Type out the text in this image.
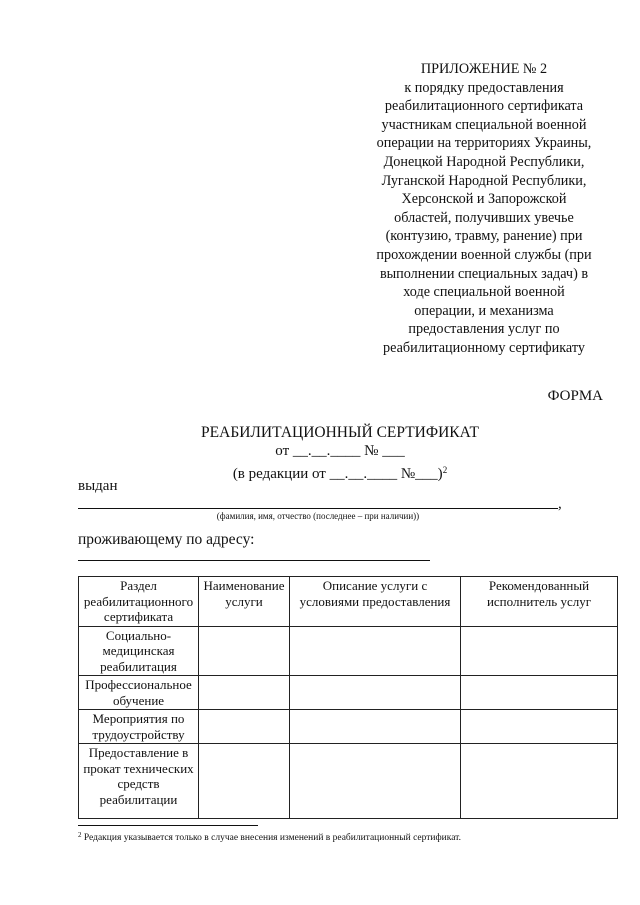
ПРИЛОЖЕНИЕ № 2
к порядку предоставления
реабилитационного сертификата
участникам специальной военной
операции на территориях Украины,
Донецкой Народной Республики,
Луганской Народной Республики,
Херсонской и Запорожской
областей, получивших увечье
(контузию, травму, ранение) при
прохождении военной службы (при
выполнении специальных задач) в
ходе специальной военной
операции, и механизма
предоставления услуг по
реабилитационному сертификату
ФОРМА
РЕАБИЛИТАЦИОННЫЙ СЕРТИФИКАТ
от __.__.____ № ___
(в редакции от __.__.____ №___)$^2$
выдан
,
(фамилия, имя, отчество (последнее – при наличии))
проживающему по адресу:
Раздел реабилитационного сертификата	Наименование услуги	Описание услуги с условиями предоставления	Рекомендованный исполнитель услуг
Социально-медицинская реабилитация			
Профессиональное обучение			
Мероприятия по трудоустройству			
Предоставление в прокат технических средств реабилитации			
$^2$ Редакция указывается только в случае внесения изменений в реабилитационный сертификат.
